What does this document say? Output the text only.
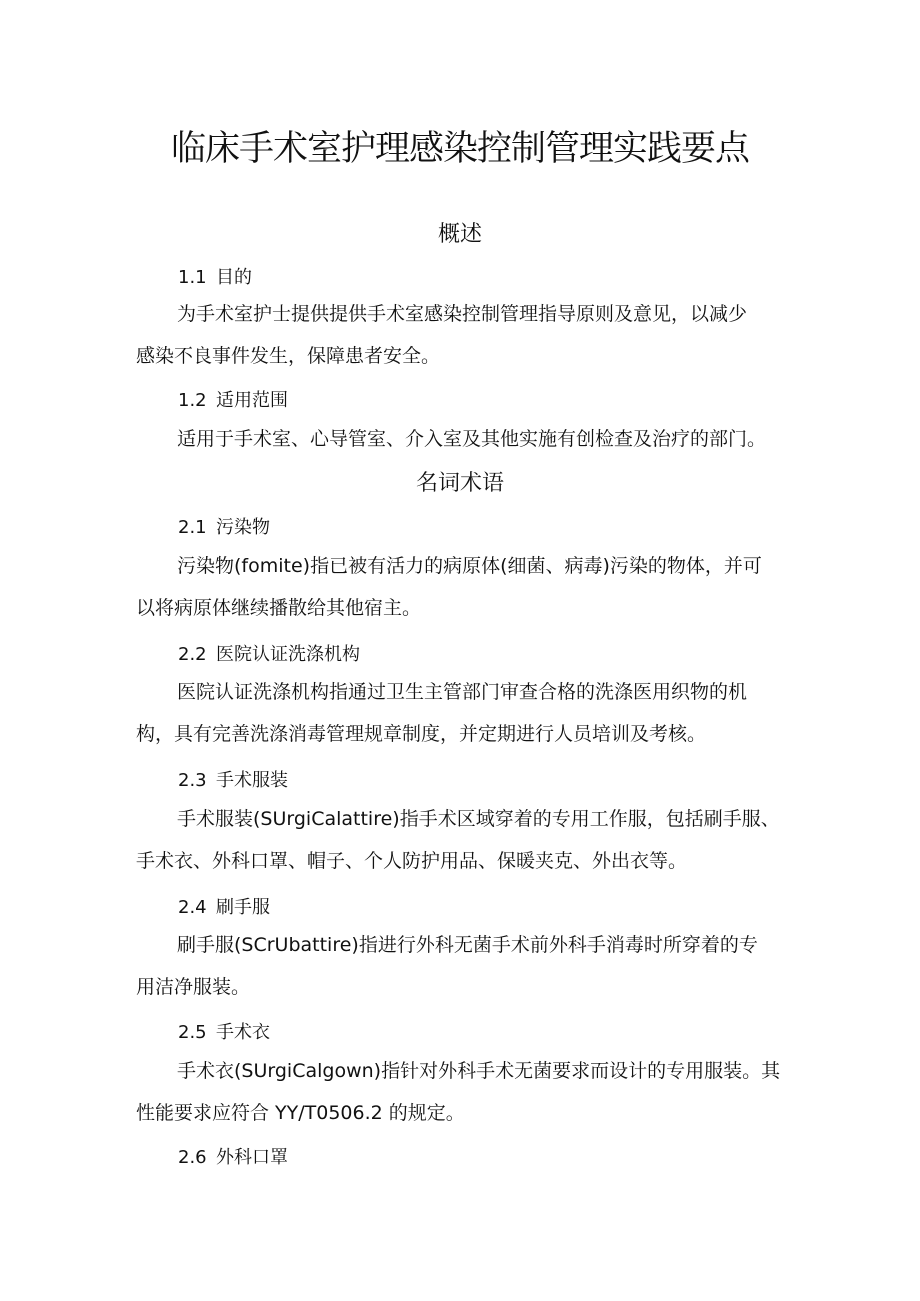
临床手术室护理感染控制管理实践要点
概述
1.1 目的
为手术室护士提供提供手术室感染控制管理指导原则及意见，以减少
感染不良事件发生，保障患者安全。
1.2 适用范围
适用于手术室、心导管室、介入室及其他实施有创检查及治疗的部门。
名词术语
2.1 污染物
污染物(fomite)指已被有活力的病原体(细菌、病毒)污染的物体，并可
以将病原体继续播散给其他宿主。
2.2 医院认证洗涤机构
医院认证洗涤机构指通过卫生主管部门审查合格的洗涤医用织物的机
构，具有完善洗涤消毒管理规章制度，并定期进行人员培训及考核。
2.3 手术服装
手术服装(SUrgiCalattire)指手术区域穿着的专用工作服，包括刷手服、
手术衣、外科口罩、帽子、个人防护用品、保暖夹克、外出衣等。
2.4 刷手服
刷手服(SCrUbattire)指进行外科无菌手术前外科手消毒时所穿着的专
用洁净服装。
2.5 手术衣
手术衣(SUrgiCalgown)指针对外科手术无菌要求而设计的专用服装。其
性能要求应符合 YY/T0506.2 的规定。
2.6 外科口罩
